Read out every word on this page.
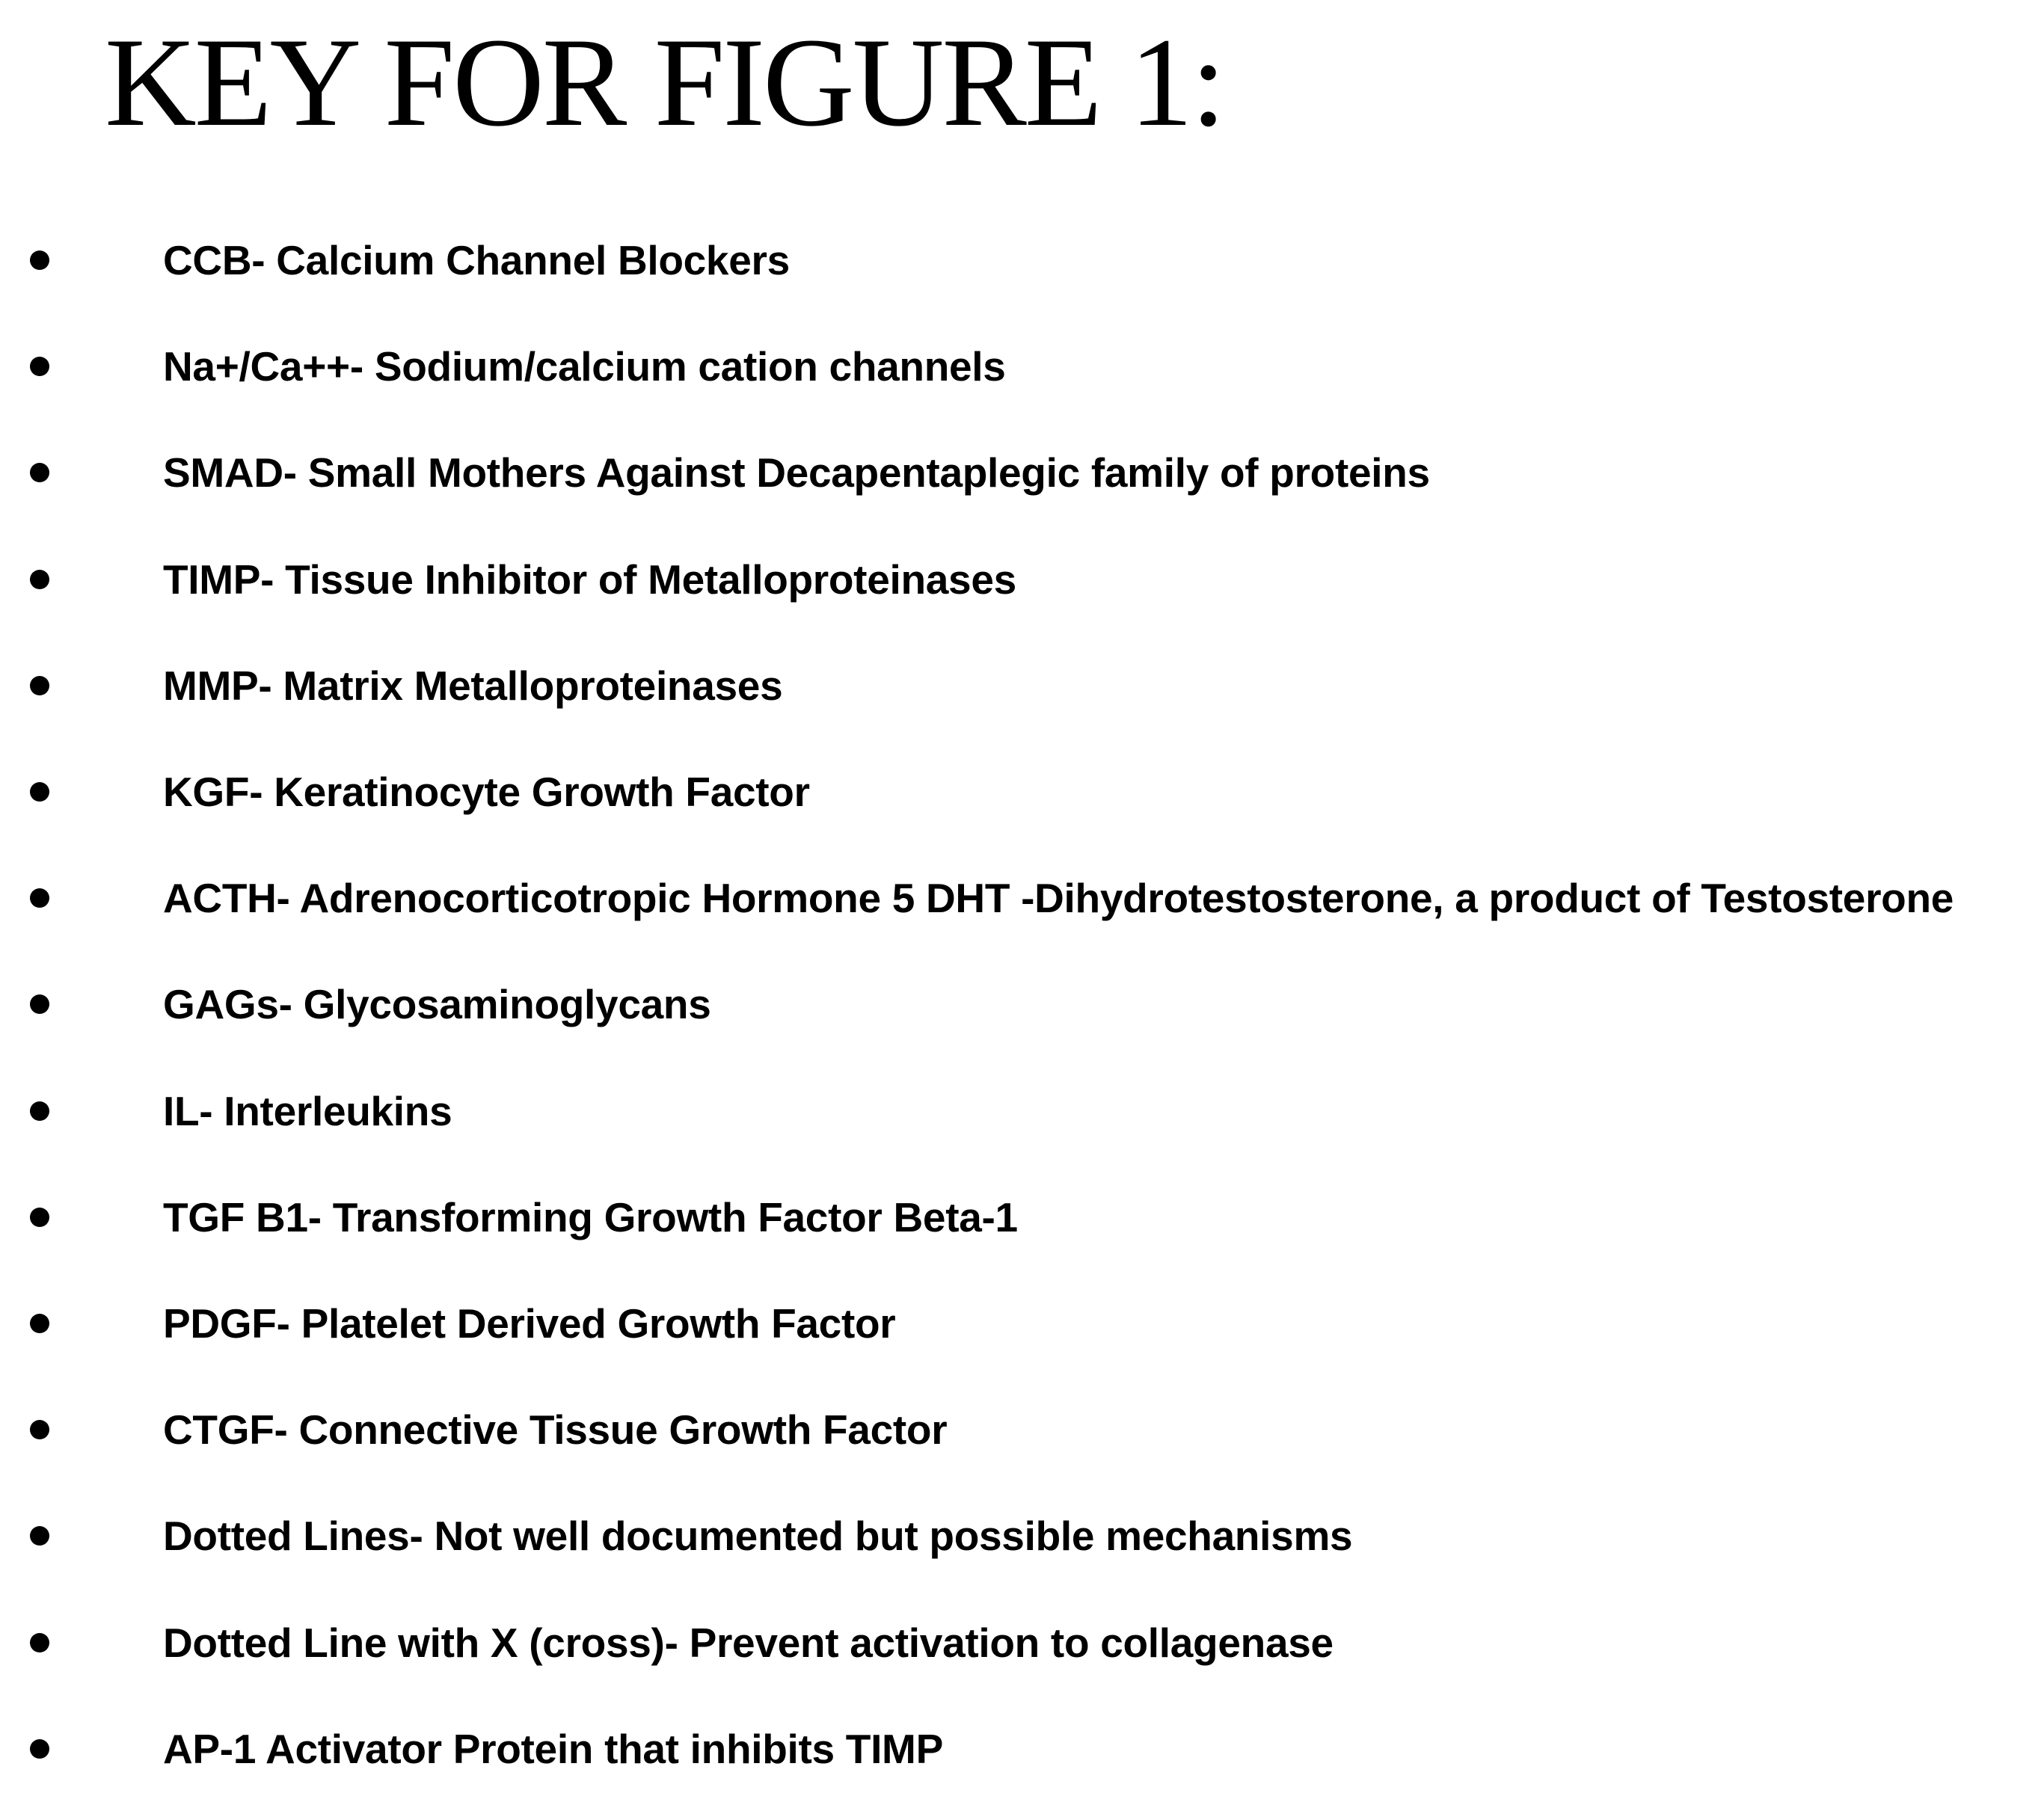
KEY FOR FIGURE 1:
CCB- Calcium Channel Blockers
Na+/Ca++- Sodium/calcium cation channels
SMAD- Small Mothers Against Decapentaplegic family of proteins
TIMP- Tissue Inhibitor of Metalloproteinases
MMP- Matrix Metalloproteinases
KGF- Keratinocyte Growth Factor
ACTH- Adrenocorticotropic Hormone 5 DHT -Dihydrotestosterone, a product of Testosterone
GAGs- Glycosaminoglycans
IL- Interleukins
TGF B1- Transforming Growth Factor Beta-1
PDGF- Platelet Derived Growth Factor
CTGF- Connective Tissue Growth Factor
Dotted Lines- Not well documented but possible mechanisms
Dotted Line with X (cross)- Prevent activation to collagenase
AP-1 Activator Protein that inhibits TIMP
